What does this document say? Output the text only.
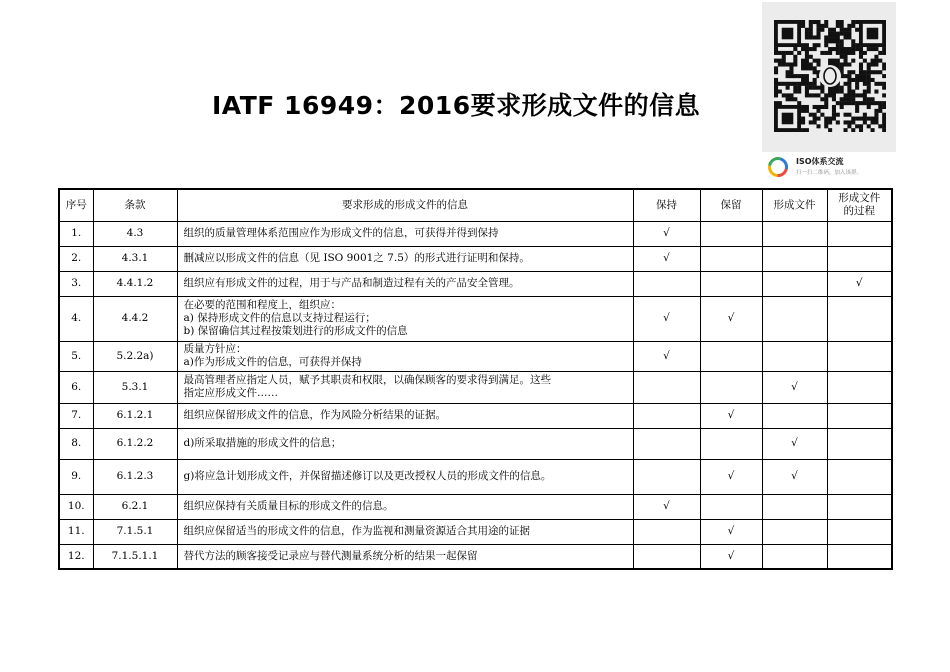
IATF 16949：2016要求形成文件的信息
ISO体系交流
扫一扫二维码，加入该群。
序号	条款	要求形成的形成文件的信息	保持	保留	形成文件	形成文件的过程
1.	4.3	组织的质量管理体系范围应作为形成文件的信息，可获得并得到保持	√			
2.	4.3.1	删减应以形成文件的信息（见 ISO 9001之 7.5）的形式进行证明和保持。	√			
3.	4.4.1.2	组织应有形成文件的过程，用于与产品和制造过程有关的产品安全管理。				√
4.	4.4.2	在必要的范围和程度上，组织应：
a) 保持形成文件的信息以支持过程运行；
b) 保留确信其过程按策划进行的形成文件的信息	√	√		
5.	5.2.2a)	质量方针应：
a)作为形成文件的信息，可获得并保持	√			
6.	5.3.1	最高管理者应指定人员，赋予其职责和权限，以确保顾客的要求得到满足。这些
指定应形成文件……			√	
7.	6.1.2.1	组织应保留形成文件的信息，作为风险分析结果的证据。		√		
8.	6.1.2.2	d)所采取措施的形成文件的信息；			√	
9.	6.1.2.3	g)将应急计划形成文件，并保留描述修订以及更改授权人员的形成文件的信息。		√	√	
10.	6.2.1	组织应保持有关质量目标的形成文件的信息。	√			
11.	7.1.5.1	组织应保留适当的形成文件的信息，作为监视和测量资源适合其用途的证据		√		
12.	7.1.5.1.1	替代方法的顾客接受记录应与替代测量系统分析的结果一起保留		√		
